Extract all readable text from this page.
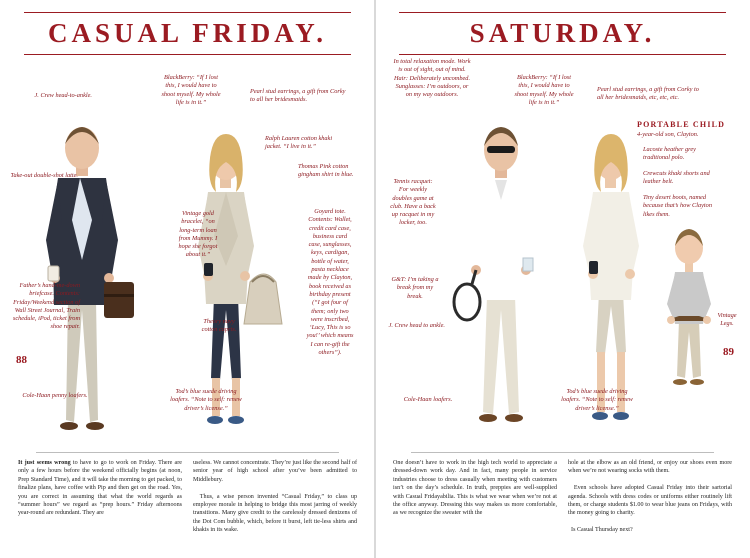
CASUAL FRIDAY.
J. Crew head-to-ankle.
BlackBerry: “If I lost this, I would have to shoot myself. My whole life is in it.”
Pearl stud earrings, a gift from Corky to all her bridesmaids.
Ralph Lauren cotton khaki jacket. “I live in it.”
Thomas Pink cotton gingham shirt in blue.
Take-out double-shot latte.
Vintage gold bracelet, “on long-term loan from Mummy. I hope she forgot about it.”
Goyard tote. Contents: Wallet, credit card case, business card case, sunglasses, keys, cardigan, bottle of water, pasta necklace made by Clayton, book received as birthday present (“I got four of them; only two were inscribed, ‘Lucy, This is so you!’ which means I can re-gift the others”).
Father’s hand-me-down briefcase. Contents: Friday/Weekend section of Wall Street Journal, Train schedule, iPod, ticket from shoe repair.
Theory navy cotton capris.
Cole-Haan penny loafers.
Tod’s blue suede driving loafers. “Note to self: renew driver’s license.”
88

It just seems wrong to have to go to work on Friday. There are only a few hours before the weekend officially begins (at noon, Prep Standard Time), and it will take the morning to get packed, to finalize plans, have coffee with Pip and then get on the road. Yes, you are correct in assuming that what the world regards as “summer hours” we regard as “prep hours.” Friday afternoons year-round are redundant. They are

useless. We cannot concentrate. They’re just like the second half of senior year of high school after you’ve been admitted to Middlebury.

Thus, a wise person invented “Casual Friday,” to class up employee morale in helping to bridge this most jarring of weekly transitions. Many give credit to the carelessly dressed denizens of the Dot Com bubble, which, before it burst, left tie-less shirts and khakis in its wake.

SATURDAY.
In total relaxation mode. Work is out of sight, out of mind. Hair: Deliberately uncombed. Sunglasses: I’m outdoors, or on my way outdoors.
BlackBerry: “If I lost this, I would have to shoot myself. My whole life is in it.”
Pearl stud earrings, a gift from Corky to all her bridesmaids, etc, etc, etc.
PORTABLE CHILD
4-year-old son, Clayton.
Lacoste heather grey traditional polo.
Crewcuts khaki shorts and leather belt.
Tiny desert boots, named because that’s how Clayton likes them.
Tennis racquet: For weekly doubles game at club. Have a back up racquet in my locker, too.
G&T: I’m taking a break from my break.
J. Crew head to ankle.
Vintage Legs.
Cole-Haan loafers.
Tod’s blue suede driving loafers. “Note to self: renew driver’s license.”
89

One doesn’t have to work in the high tech world to appreciate a dressed-down work day. And in fact, many people in service industries choose to dress casually when meeting with customers isn’t on the day’s schedule. In truth, preppies are well-supplied with Casual Fridayabilia. This is what we wear when we’re not at the office anyway. Dressing this way makes us more comfortable, as we recognize the sweater with the

hole at the elbow as an old friend, or enjoy our shoes even more when we’re not wearing socks with them.

Even schools have adopted Casual Friday into their sartorial agenda. Schools with dress codes or uniforms either routinely lift them, or charge students $1.00 to wear blue jeans on Fridays, with the money going to charity.

Is Casual Thursday next?
